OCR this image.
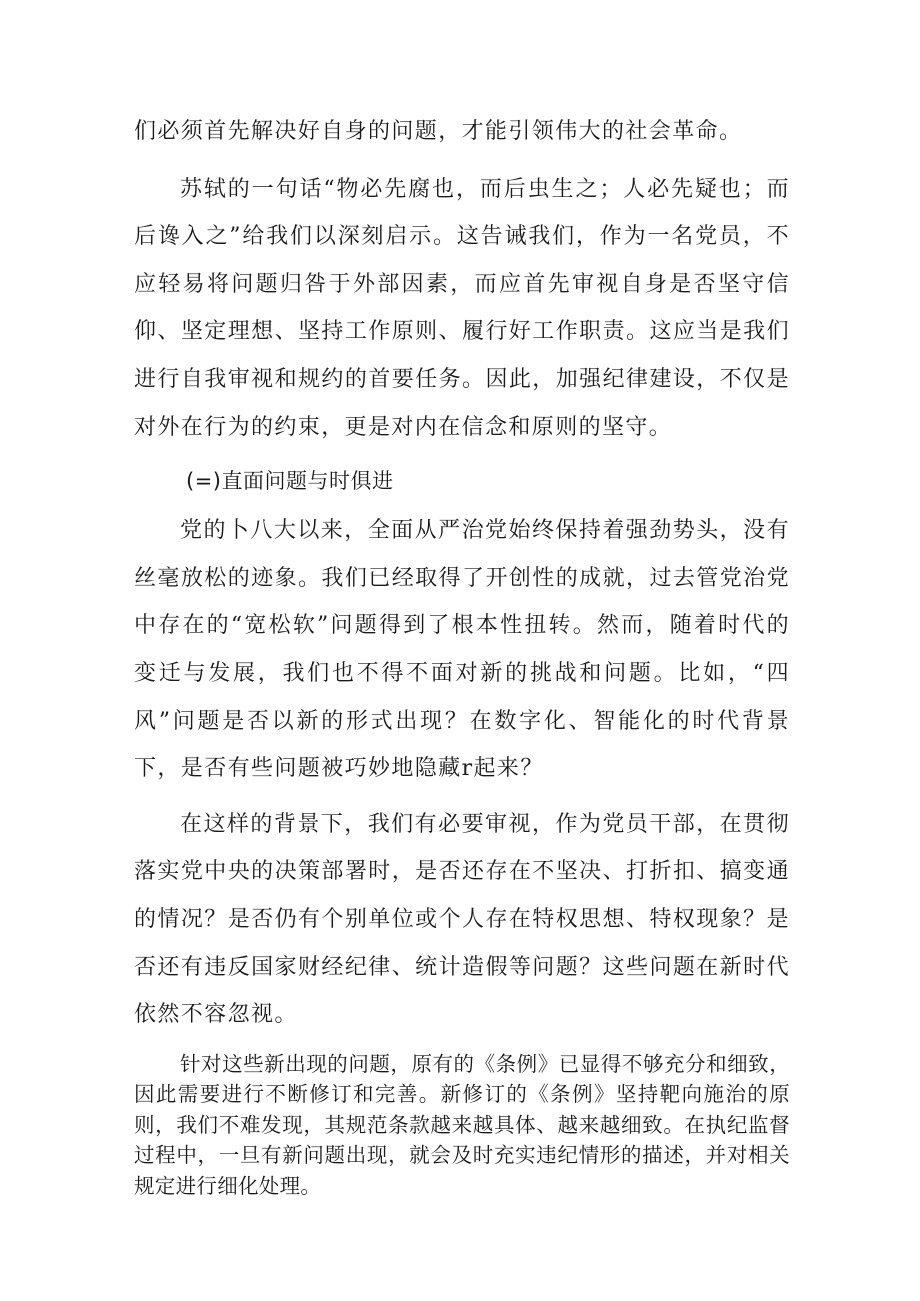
们必须首先解决好自身的问题，才能引领伟大的社会革命。

苏轼的一句话“物必先腐也，而后虫生之；人必先疑也；而后谗入之”给我们以深刻启示。这告诫我们，作为一名党员，不应轻易将问题归咎于外部因素，而应首先审视自身是否坚守信仰、坚定理想、坚持工作原则、履行好工作职责。这应当是我们进行自我审视和规约的首要任务。因此，加强纪律建设，不仅是对外在行为的约束，更是对内在信念和原则的坚守。

(=)直面问题与时俱进

党的卜八大以来，全面从严治党始终保持着强劲势头，没有丝毫放松的迹象。我们已经取得了开创性的成就，过去管党治党中存在的“宽松软”问题得到了根本性扭转。然而，随着时代的变迁与发展，我们也不得不面对新的挑战和问题。比如，“四风”问题是否以新的形式出现？在数字化、智能化的时代背景下，是否有些问题被巧妙地隐藏r起来？

在这样的背景下，我们有必要审视，作为党员干部，在贯彻落实党中央的决策部署时，是否还存在不坚决、打折扣、搞变通的情况？是否仍有个别单位或个人存在特权思想、特权现象？是否还有违反国家财经纪律、统计造假等问题？这些问题在新时代依然不容忽视。

针对这些新出现的问题，原有的《条例》已显得不够充分和细致，因此需要进行不断修订和完善。新修订的《条例》坚持靶向施治的原则，我们不难发现，其规范条款越来越具体、越来越细致。在执纪监督过程中，一旦有新问题出现，就会及时充实违纪情形的描述，并对相关规定进行细化处理。
